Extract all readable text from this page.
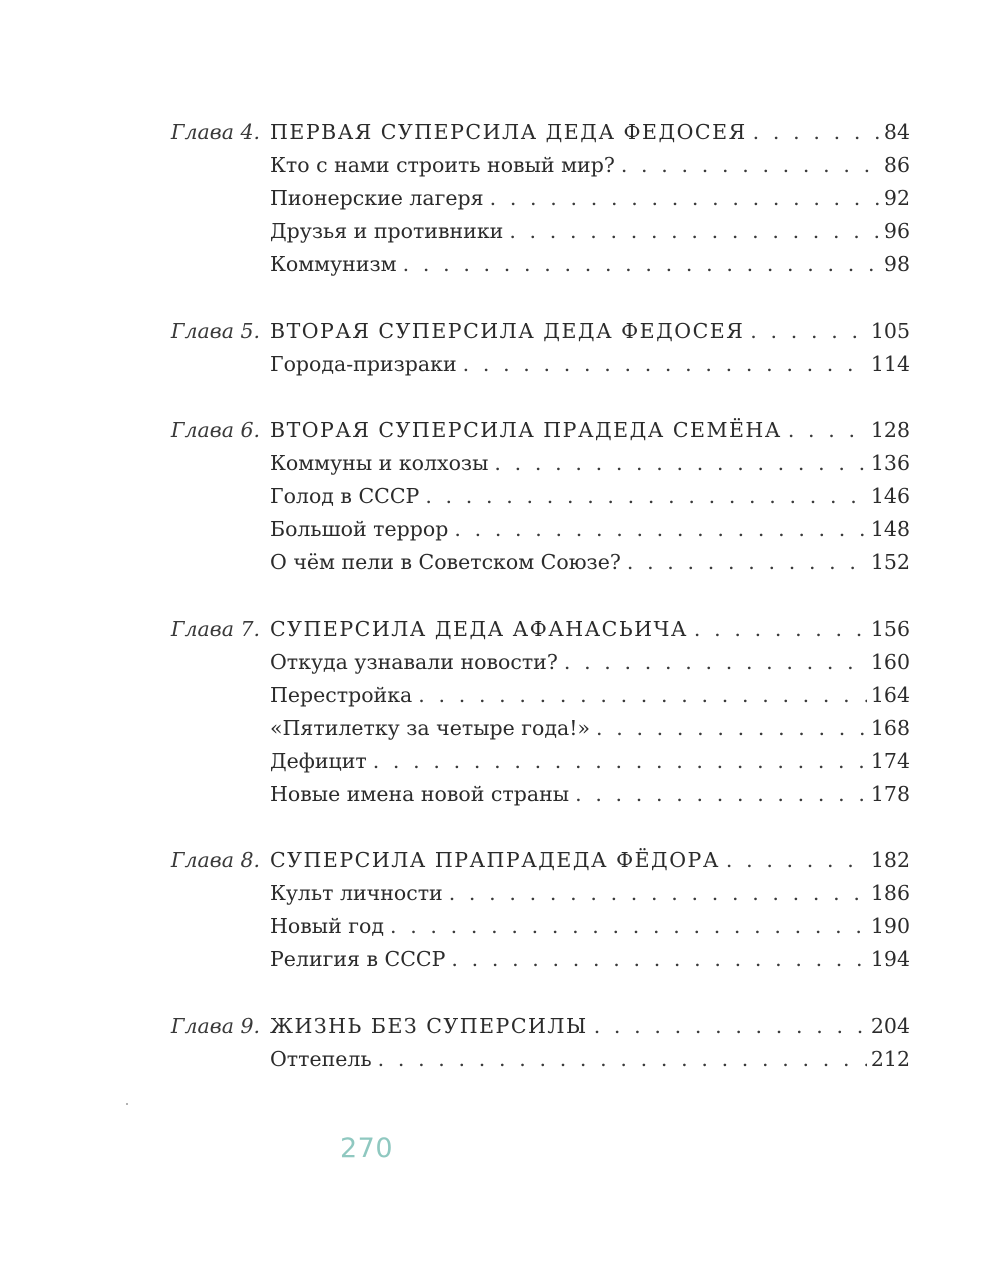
Глава 4. ПЕРВАЯ СУПЕРСИЛА ДЕДА ФЕДОСЕЯ . . .	84
Кто с нами строить новый мир? . . .	86
Пионерские лагеря . . .	92
Друзья и противники . . .	96
Коммунизм . . .	98
Глава 5. ВТОРАЯ СУПЕРСИЛА ДЕДА ФЕДОСЕЯ . . .	105
Города-призраки . . .	114
Глава 6. ВТОРАЯ СУПЕРСИЛА ПРАДЕДА СЕМЁНА . . .	128
Коммуны и колхозы . . .	136
Голод в СССР . . .	146
Большой террор . . .	148
О чём пели в Советском Союзе? . . .	152
Глава 7. СУПЕРСИЛА ДЕДА АФАНАСЬИЧА . . .	156
Откуда узнавали новости? . . .	160
Перестройка . . .	164
«Пятилетку за четыре года!» . . .	168
Дефицит . . .	174
Новые имена новой страны . . .	178
Глава 8. СУПЕРСИЛА ПРАПРАДЕДА ФЁДОРА . . .	182
Культ личности . . .	186
Новый год . . .	190
Религия в СССР . . .	194
Глава 9. ЖИЗНЬ БЕЗ СУПЕРСИЛЫ . . .	204
Оттепель . . .	212
270
